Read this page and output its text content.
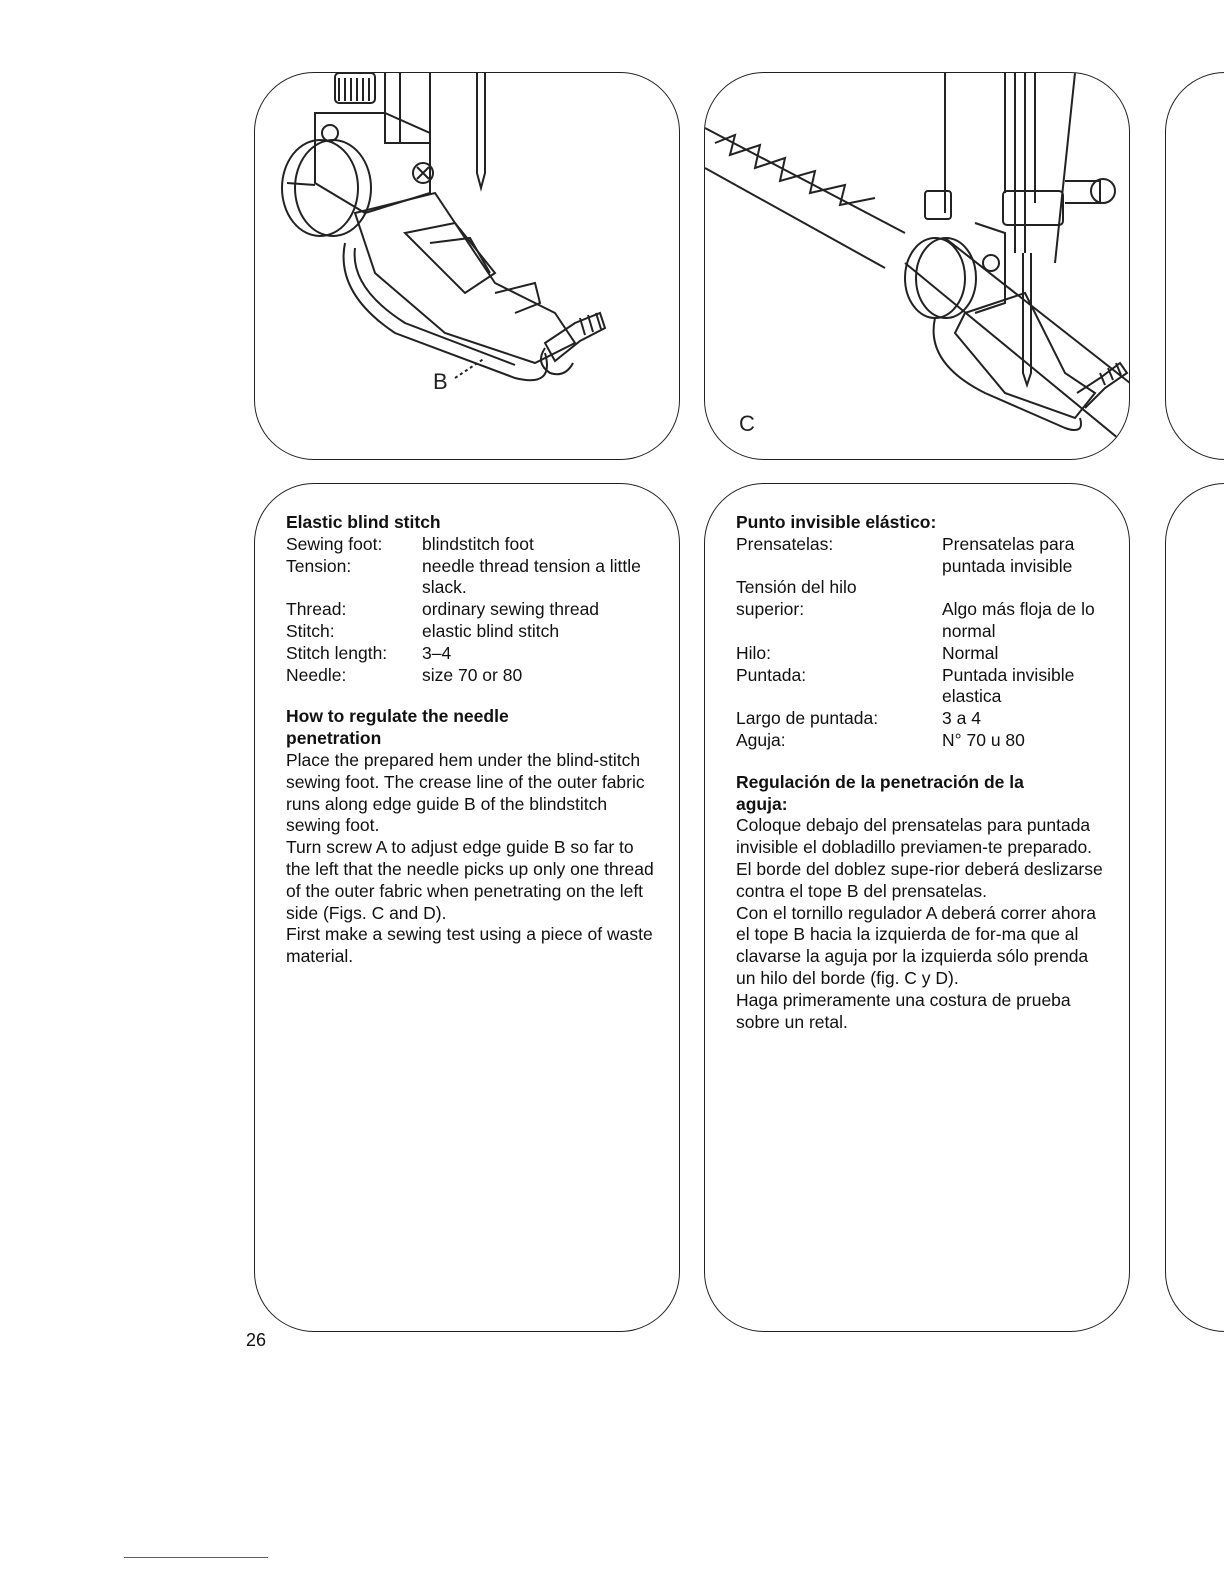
B
C

Elastic blind stitch

Sewing foot:	blindstitch foot
Tension:	needle thread tension a little slack.
Thread:	ordinary sewing thread
Stitch:	elastic blind stitch
Stitch length:	3–4
Needle:	size 70 or 80

How to regulate the needle penetration

Place the prepared hem under the blind-stitch sewing foot. The crease line of the outer fabric runs along edge guide B of the blindstitch sewing foot.

Turn screw A to adjust edge guide B so far to the left that the needle picks up only one thread of the outer fabric when penetrating on the left side (Figs. C and D).

First make a sewing test using a piece of waste material.

Punto invisible elástico:

Prensatelas:	Prensatelas para puntada invisible
Tensión del hilo superior:	Algo más floja de lo normal
Hilo:	Normal
Puntada:	Puntada invisible elastica
Largo de puntada:	3 a 4
Aguja:	N° 70 u 80

Regulación de la penetración de la aguja:

Coloque debajo del prensatelas para puntada invisible el dobladillo previamen-te preparado. El borde del doblez supe-rior deberá deslizarse contra el tope B del prensatelas.

Con el tornillo regulador A deberá correr ahora el tope B hacia la izquierda de for-ma que al clavarse la aguja por la izquierda sólo prenda un hilo del borde (fig. C y D).

Haga primeramente una costura de prueba sobre un retal.

26
